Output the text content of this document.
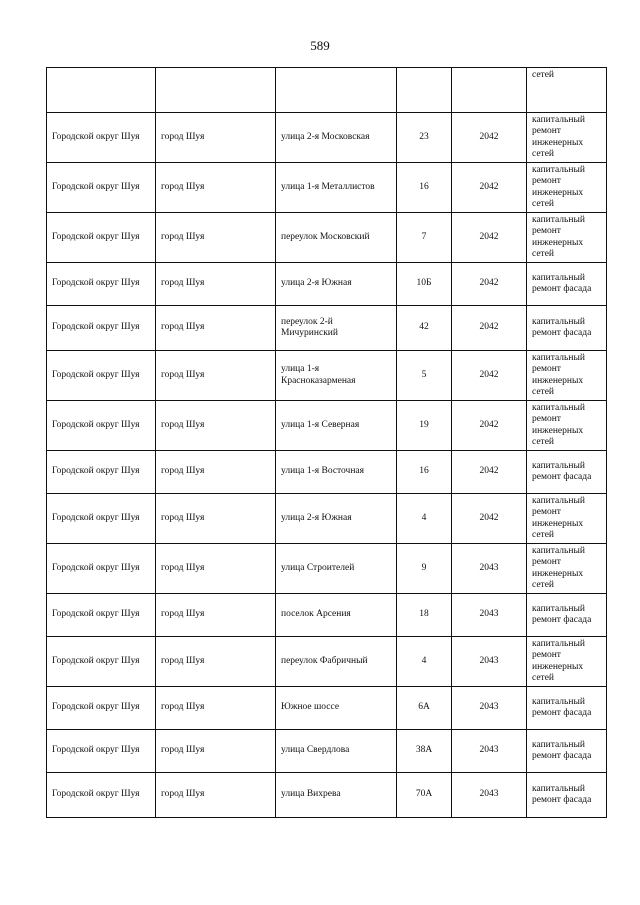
589
					сетей
Городской округ Шуя	город Шуя	улица 2-я Московская	23	2042	капитальный ремонт инженерных сетей
Городской округ Шуя	город Шуя	улица 1-я Металлистов	16	2042	капитальный ремонт инженерных сетей
Городской округ Шуя	город Шуя	переулок Московский	7	2042	капитальный ремонт инженерных сетей
Городской округ Шуя	город Шуя	улица 2-я Южная	10Б	2042	капитальный ремонт фасада
Городской округ Шуя	город Шуя	переулок 2-й Мичуринский	42	2042	капитальный ремонт фасада
Городской округ Шуя	город Шуя	улица 1-я Красноказарменая	5	2042	капитальный ремонт инженерных сетей
Городской округ Шуя	город Шуя	улица 1-я Северная	19	2042	капитальный ремонт инженерных сетей
Городской округ Шуя	город Шуя	улица 1-я Восточная	16	2042	капитальный ремонт фасада
Городской округ Шуя	город Шуя	улица 2-я Южная	4	2042	капитальный ремонт инженерных сетей
Городской округ Шуя	город Шуя	улица Строителей	9	2043	капитальный ремонт инженерных сетей
Городской округ Шуя	город Шуя	поселок Арсения	18	2043	капитальный ремонт фасада
Городской округ Шуя	город Шуя	переулок Фабричный	4	2043	капитальный ремонт инженерных сетей
Городской округ Шуя	город Шуя	Южное шоссе	6А	2043	капитальный ремонт фасада
Городской округ Шуя	город Шуя	улица Свердлова	38А	2043	капитальный ремонт фасада
Городской округ Шуя	город Шуя	улица Вихрева	70А	2043	капитальный ремонт фасада
